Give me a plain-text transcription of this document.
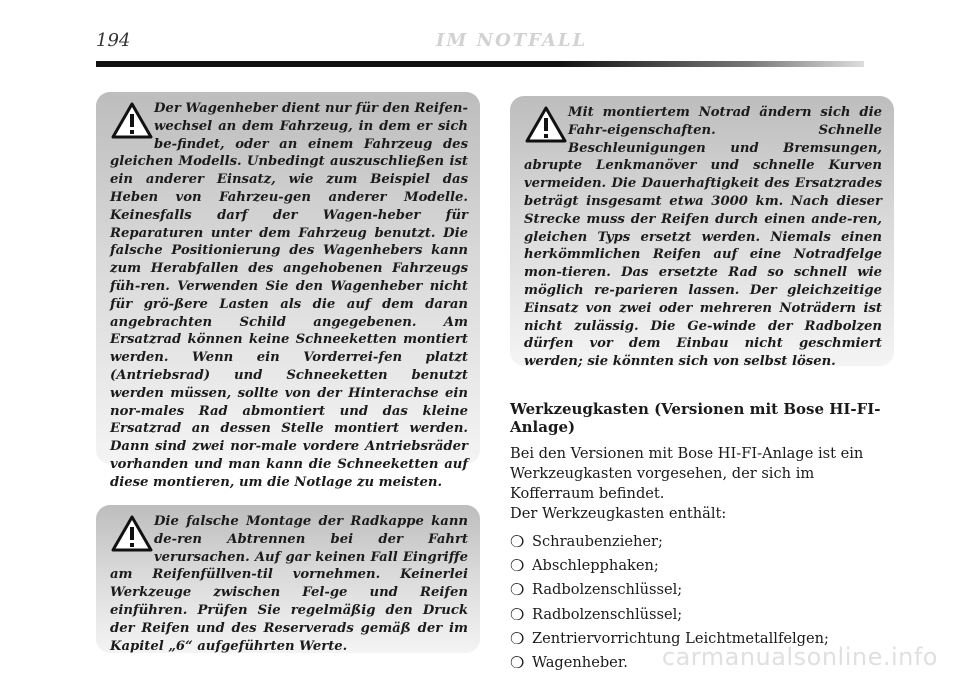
194	IM NOTFALL

Der Wagenheber dient nur für den Reifen-wechsel an dem Fahrzeug, in dem er sich be-findet, oder an einem Fahrzeug des gleichen Modells. Unbedingt auszuschließen ist ein anderer Einsatz, wie zum Beispiel das Heben von Fahrzeu-gen anderer Modelle. Keinesfalls darf der Wagen-heber für Reparaturen unter dem Fahrzeug benutzt. Die falsche Positionierung des Wagenhebers kann zum Herabfallen des angehobenen Fahrzeugs füh-ren. Verwenden Sie den Wagenheber nicht für grö-ßere Lasten als die auf dem daran angebrachten Schild angegebenen. Am Ersatzrad können keine Schneeketten montiert werden. Wenn ein Vorderrei-fen platzt (Antriebsrad) und Schneeketten benutzt werden müssen, sollte von der Hinterachse ein nor-males Rad abmontiert und das kleine Ersatzrad an dessen Stelle montiert werden. Dann sind zwei nor-male vordere Antriebsräder vorhanden und man kann die Schneeketten auf diese montieren, um die Notlage zu meisten.

Die falsche Montage der Radkappe kann de-ren Abtrennen bei der Fahrt verursachen. Auf gar keinen Fall Eingriffe am Reifenfüllven-til vornehmen. Keinerlei Werkzeuge zwischen Fel-ge und Reifen einführen. Prüfen Sie regelmäßig den Druck der Reifen und des Reserverads gemäß der im Kapitel „6“ aufgeführten Werte.

Mit montiertem Notrad ändern sich die Fahr-eigenschaften. Schnelle Beschleunigungen und Bremsungen, abrupte Lenkmanöver und schnelle Kurven vermeiden. Die Dauerhaftigkeit des Ersatzrades beträgt insgesamt etwa 3000 km. Nach dieser Strecke muss der Reifen durch einen ande-ren, gleichen Typs ersetzt werden. Niemals einen herkömmlichen Reifen auf eine Notradfelge mon-tieren. Das ersetzte Rad so schnell wie möglich re-parieren lassen. Der gleichzeitige Einsatz von zwei oder mehreren Noträdern ist nicht zulässig. Die Ge-winde der Radbolzen dürfen vor dem Einbau nicht geschmiert werden; sie könnten sich von selbst lösen.

Werkzeugkasten (Versionen mit Bose HI-FI-Anlage)

Bei den Versionen mit Bose HI-FI-Anlage ist ein Werkzeugkasten vorgesehen, der sich im Kofferraum befindet.

Der Werkzeugkasten enthält:

❍ Schraubenzieher;
❍ Abschlepphaken;
❍ Radbolzenschlüssel;
❍ Radbolzenschlüssel;
❍ Zentriervorrichtung Leichtmetallfelgen;
❍ Wagenheber. carmanualsonline.info
